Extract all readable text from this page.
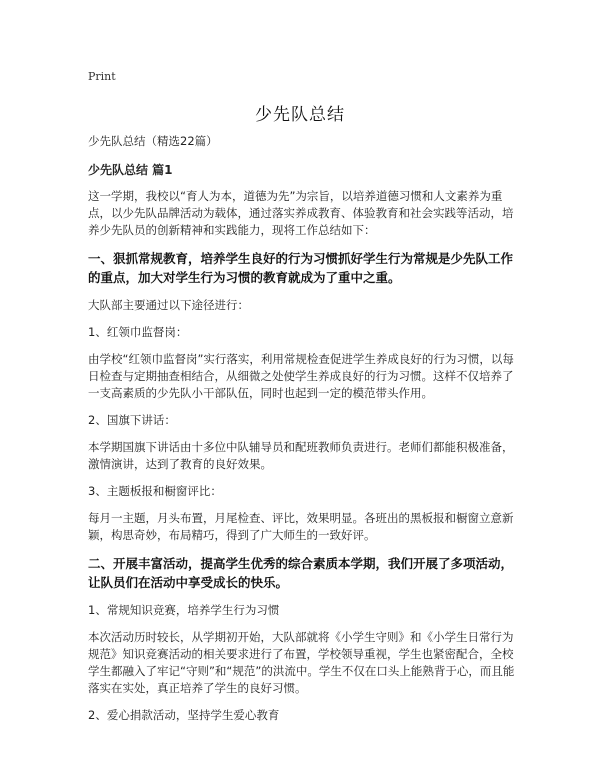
Print
少先队总结

少先队总结（精选22篇）

少先队总结 篇1

这一学期，我校以“育人为本，道德为先”为宗旨，以培养道德习惯和人文素养为重点，以少先队品牌活动为载体，通过落实养成教育、体验教育和社会实践等活动，培养少先队员的创新精神和实践能力，现将工作总结如下：

一、狠抓常规教育，培养学生良好的行为习惯抓好学生行为常规是少先队工作的重点，加大对学生行为习惯的教育就成为了重中之重。

大队部主要通过以下途径进行：

1、红领巾监督岗：

由学校“红领巾监督岗”实行落实，利用常规检查促进学生养成良好的行为习惯，以每日检查与定期抽查相结合，从细微之处使学生养成良好的行为习惯。这样不仅培养了一支高素质的少先队小干部队伍，同时也起到一定的模范带头作用。

2、国旗下讲话：

本学期国旗下讲话由十多位中队辅导员和配班教师负责进行。老师们都能积极准备，激情演讲，达到了教育的良好效果。

3、主题板报和橱窗评比：

每月一主题，月头布置，月尾检查、评比，效果明显。各班出的黑板报和橱窗立意新颖，构思奇妙，布局精巧，得到了广大师生的一致好评。

二、开展丰富活动，提高学生优秀的综合素质本学期，我们开展了多项活动，让队员们在活动中享受成长的快乐。

1、常规知识竞赛，培养学生行为习惯

本次活动历时较长，从学期初开始，大队部就将《小学生守则》和《小学生日常行为规范》知识竞赛活动的相关要求进行了布置，学校领导重视，学生也紧密配合，全校学生都融入了牢记“守则”和“规范”的洪流中。学生不仅在口头上能熟背于心，而且能落实在实处，真正培养了学生的良好习惯。

2、爱心捐款活动，坚持学生爱心教育
